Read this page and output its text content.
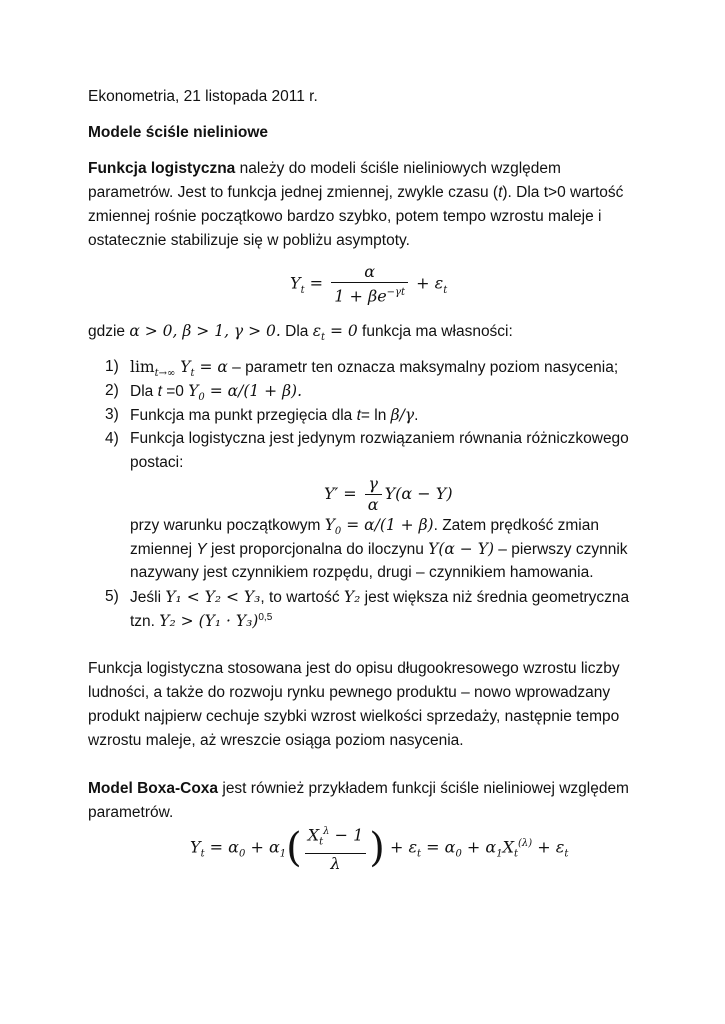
Ekonometria, 21 listopada 2011 r.
Modele ściśle nieliniowe
Funkcja logistyczna należy do modeli ściśle nieliniowych względem
parametrów. Jest to funkcja jednej zmiennej, zwykle czasu (t). Dla t>0 wartość
zmiennej rośnie początkowo bardzo szybko, potem tempo wzrostu maleje i
ostatecznie stabilizuje się w pobliżu asymptoty.
$Y_t = \frac{\alpha}{1 + \beta e^{-\gamma t}} + \varepsilon_t$
gdzie α > 0, β > 1, γ > 0. Dla $\varepsilon_t = 0$ funkcja ma własności:
1) $\lim_{t\to\infty} Y_t = \alpha$ – parametr ten oznacza maksymalny poziom nasycenia;
2) Dla t =0 $Y_0 = \alpha/(1 + \beta)$.
3) Funkcja ma punkt przegięcia dla t= ln β/γ.
4) Funkcja logistyczna jest jedynym rozwiązaniem równania różniczkowego
postaci:
$Y' = \frac{\gamma}{\alpha} Y(\alpha - Y)$
przy warunku początkowym $Y_0 = \alpha/(1 + \beta)$. Zatem prędkość zmian
zmiennej Y jest proporcjonalna do iloczynu Y(α − Y) – pierwszy czynnik
nazywany jest czynnikiem rozpędu, drugi – czynnikiem hamowania.
5) Jeśli Y₁ < Y₂ < Y₃, to wartość Y₂ jest większa niż średnia geometryczna
tzn. $Y_2 > (Y_1 \cdot Y_3)^{0,5}$
Funkcja logistyczna stosowana jest do opisu długookresowego wzrostu liczby
ludności, a także do rozwoju rynku pewnego produktu – nowo wprowadzany
produkt najpierw cechuje szybki wzrost wielkości sprzedaży, następnie tempo
wzrostu maleje, aż wreszcie osiąga poziom nasycenia.
Model Boxa-Coxa jest również przykładem funkcji ściśle nieliniowej względem
parametrów.
$Y_t = \alpha_0 + \alpha_1( \frac{X_t^\lambda - 1}{\lambda}$ ) + $\varepsilon_t = \alpha_0 + \alpha_1X_t^{(\lambda)} + \varepsilon_t$
